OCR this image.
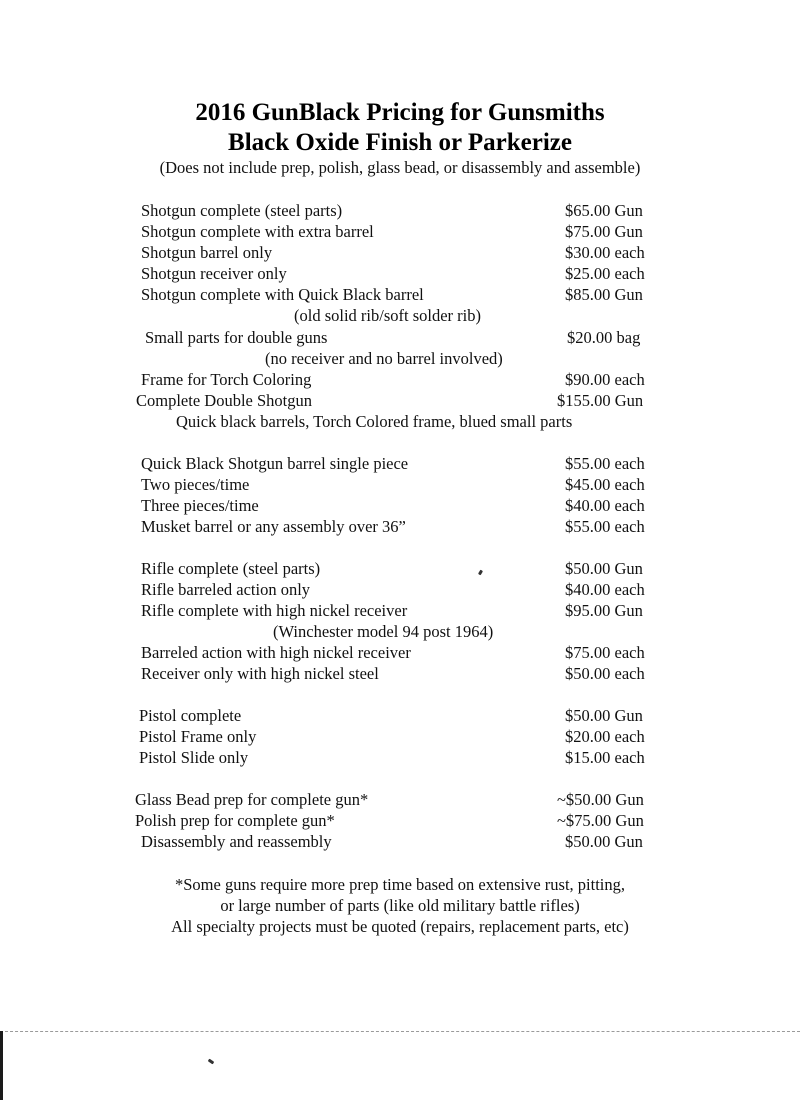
2016 GunBlack Pricing for Gunsmiths
Black Oxide Finish or Parkerize
(Does not include prep, polish, glass bead, or disassembly and assemble)
Shotgun complete (steel parts)	$65.00 Gun
Shotgun complete with extra barrel	$75.00 Gun
Shotgun barrel only	$30.00 each
Shotgun receiver only	$25.00 each
Shotgun complete with Quick Black barrel	$85.00 Gun
(old solid rib/soft solder rib)
Small parts for double guns	$20.00 bag
(no receiver and no barrel involved)
Frame for Torch Coloring	$90.00 each
Complete Double Shotgun	$155.00 Gun
Quick black barrels, Torch Colored frame, blued small parts
Quick Black Shotgun barrel single piece	$55.00 each
Two pieces/time	$45.00 each
Three pieces/time	$40.00 each
Musket barrel or any assembly over 36”	$55.00 each
Rifle complete (steel parts)	$50.00 Gun
Rifle barreled action only	$40.00 each
Rifle complete with high nickel receiver	$95.00 Gun
(Winchester model 94 post 1964)
Barreled action with high nickel receiver	$75.00 each
Receiver only with high nickel steel	$50.00 each
Pistol complete	$50.00 Gun
Pistol Frame only	$20.00 each
Pistol Slide only	$15.00 each
Glass Bead prep for complete gun*	~$50.00 Gun
Polish prep for complete gun*	~$75.00 Gun
Disassembly and reassembly	$50.00 Gun
*Some guns require more prep time based on extensive rust, pitting,
or large number of parts (like old military battle rifles)
All specialty projects must be quoted (repairs, replacement parts, etc)
